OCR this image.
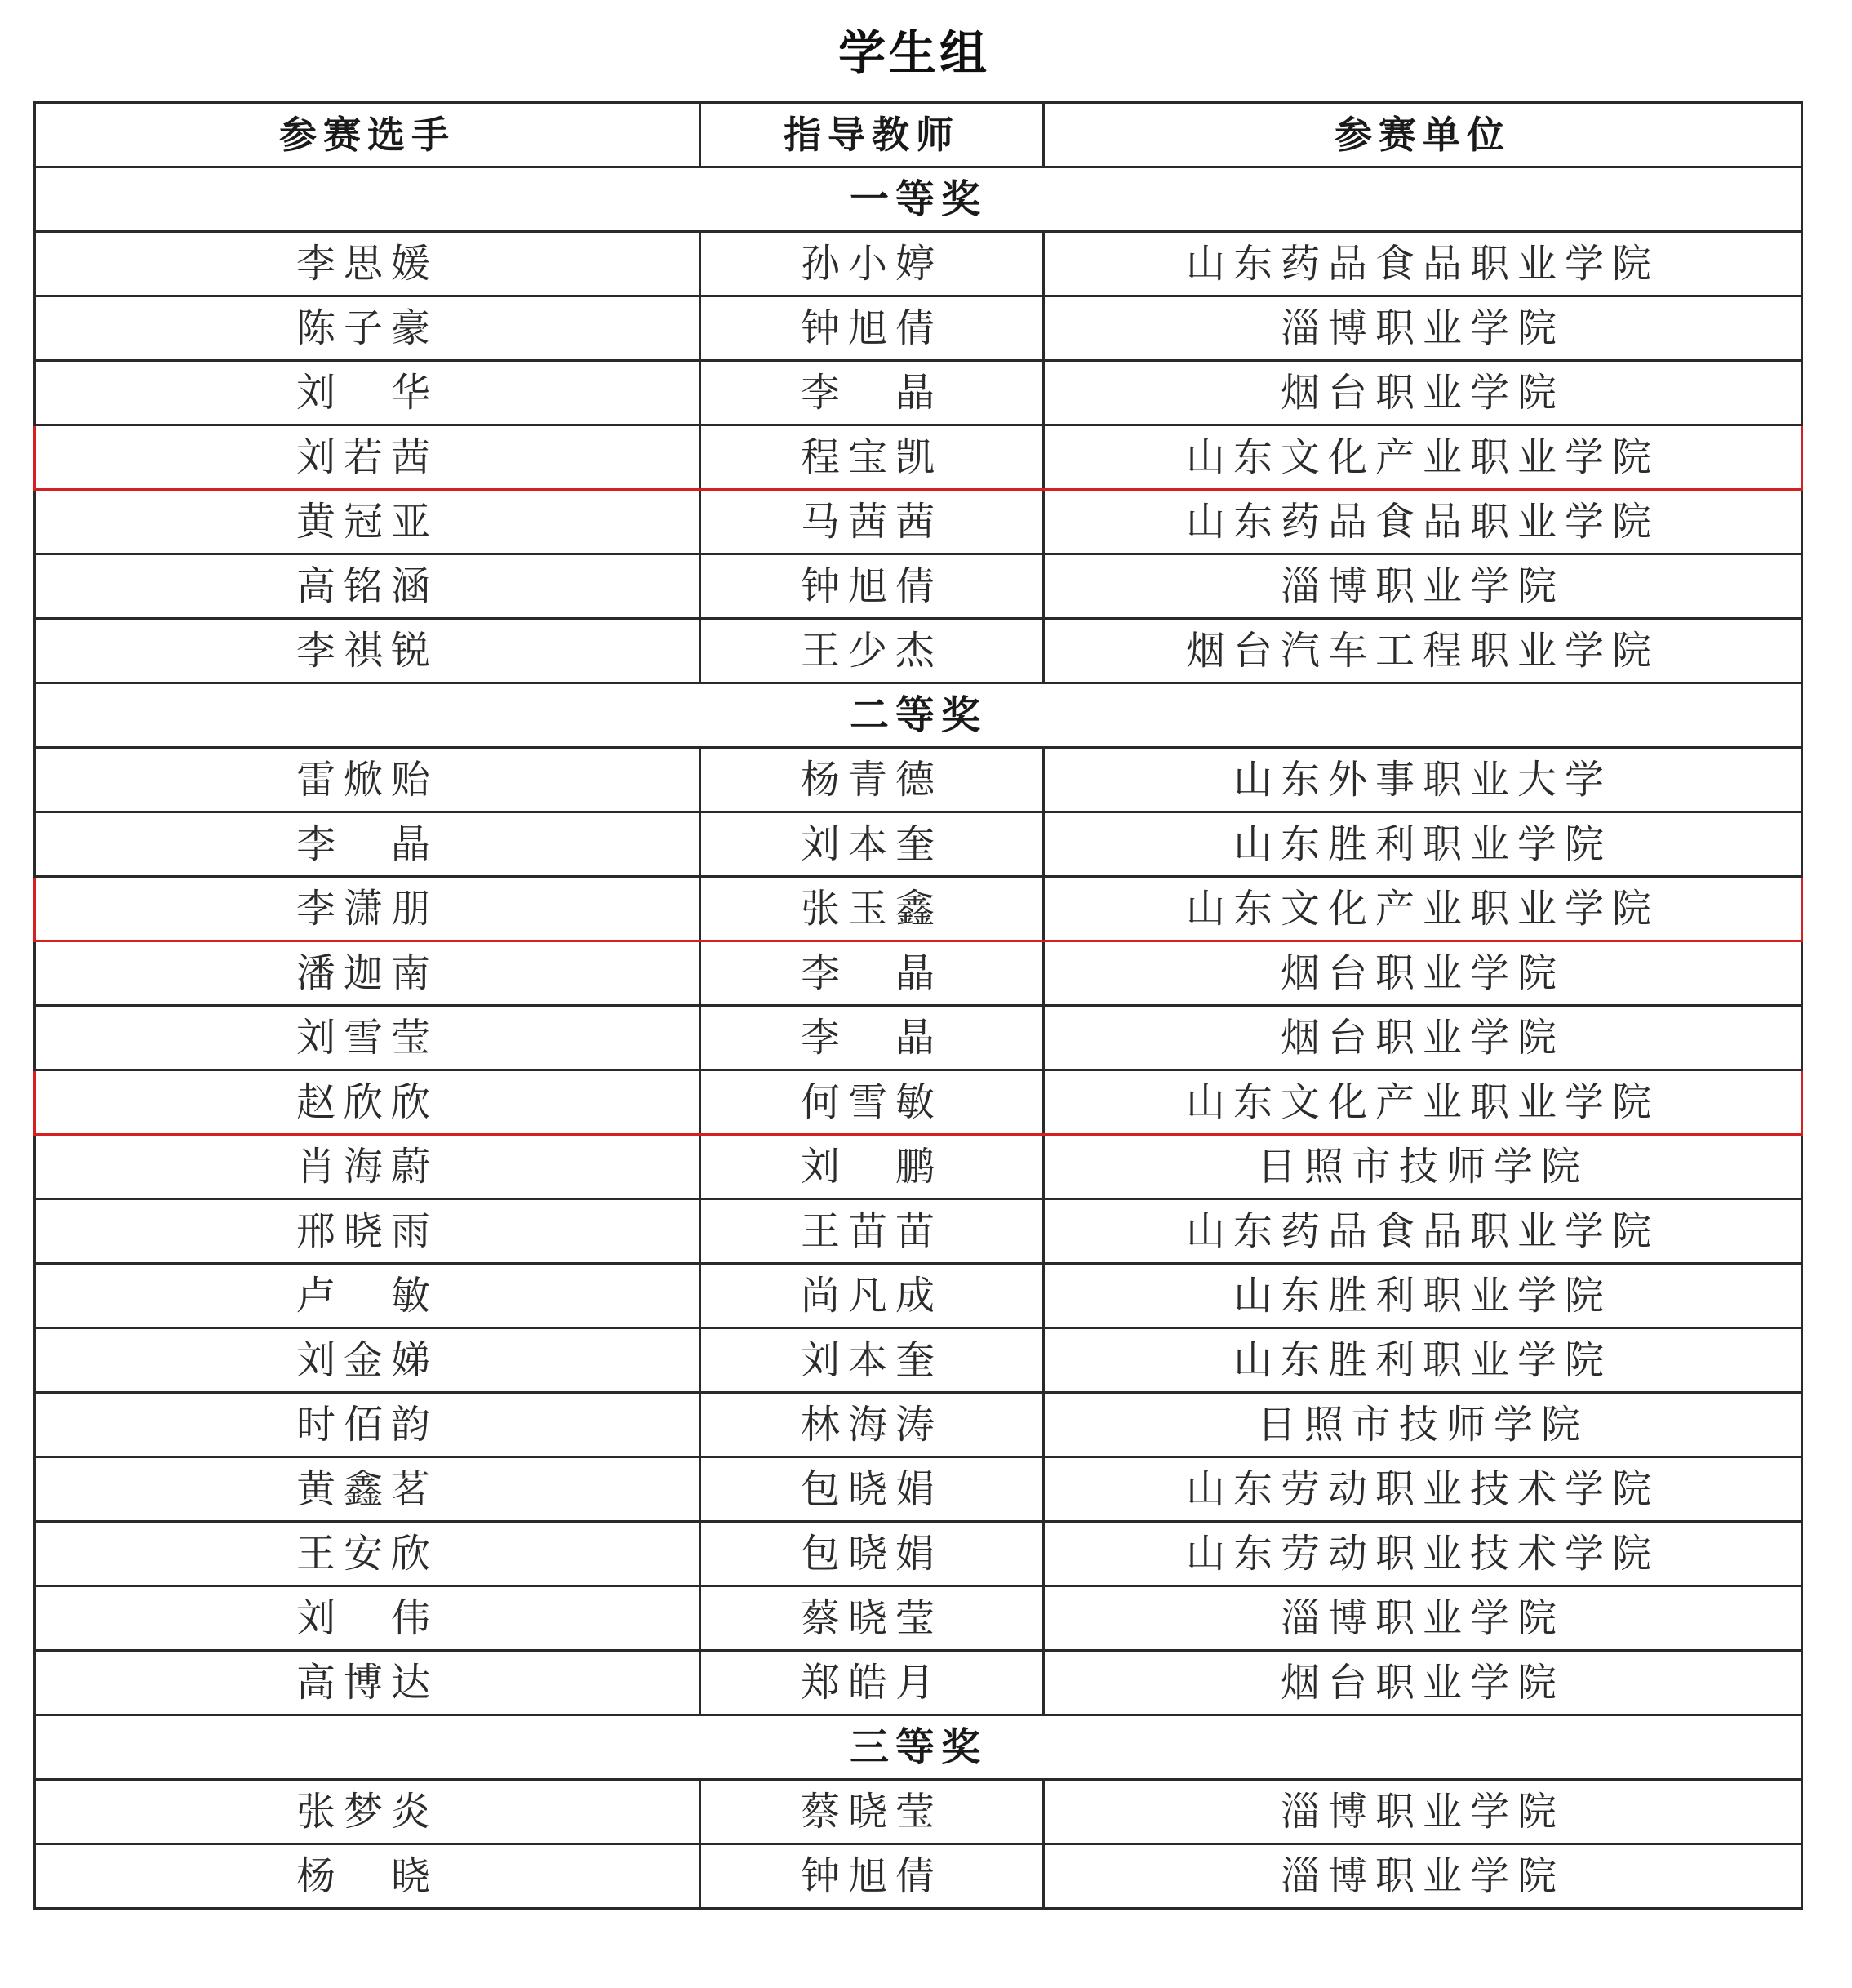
学生组
参赛选手	指导教师	参赛单位
一等奖		
李思媛	孙小婷	山东药品食品职业学院
陈子豪	钟旭倩	淄博职业学院
刘　华	李　晶	烟台职业学院
刘若茜	程宝凯	山东文化产业职业学院
黄冠亚	马茜茜	山东药品食品职业学院
高铭涵	钟旭倩	淄博职业学院
李祺锐	王少杰	烟台汽车工程职业学院
二等奖		
雷焮贻	杨青德	山东外事职业大学
李　晶	刘本奎	山东胜利职业学院
李潇朋	张玉鑫	山东文化产业职业学院
潘迦南	李　晶	烟台职业学院
刘雪莹	李　晶	烟台职业学院
赵欣欣	何雪敏	山东文化产业职业学院
肖海蔚	刘　鹏	日照市技师学院
邢晓雨	王苗苗	山东药品食品职业学院
卢　敏	尚凡成	山东胜利职业学院
刘金娣	刘本奎	山东胜利职业学院
时佰韵	林海涛	日照市技师学院
黄鑫茗	包晓娟	山东劳动职业技术学院
王安欣	包晓娟	山东劳动职业技术学院
刘　伟	蔡晓莹	淄博职业学院
高博达	郑皓月	烟台职业学院
三等奖		
张梦炎	蔡晓莹	淄博职业学院
杨　晓	钟旭倩	淄博职业学院
